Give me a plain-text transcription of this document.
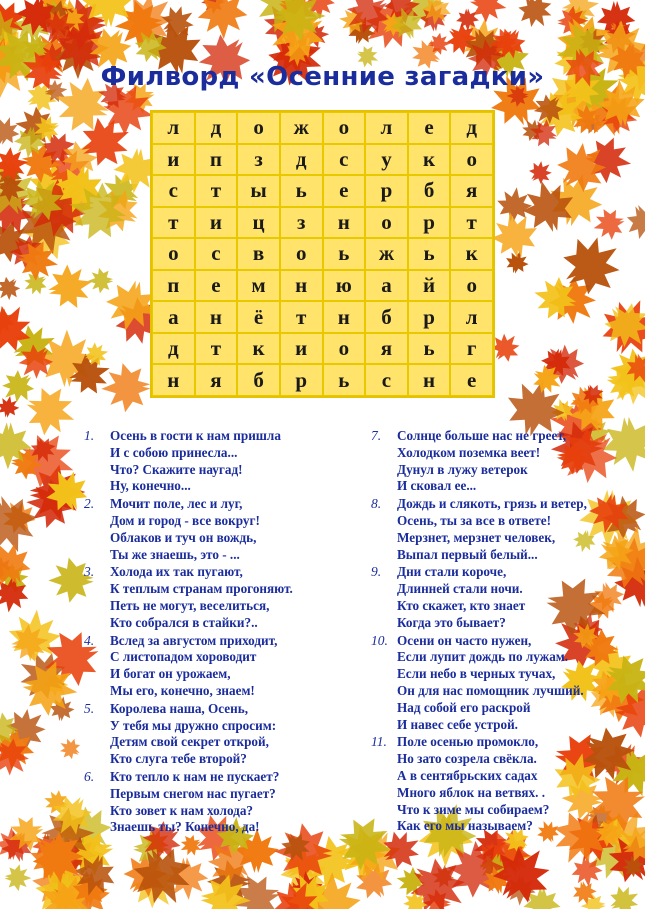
Филворд «Осенние загадки»
л	д	о	ж	о	л	е	д
и	п	з	д	с	у	к	о
с	т	ы	ь	е	р	б	я
т	и	ц	з	н	о	р	т
о	с	в	о	ь	ж	ь	к
п	е	м	н	ю	а	й	о
а	н	ё	т	н	б	р	л
д	т	к	и	о	я	ь	г
н	я	б	р	ь	с	н	е
1. Осень в гости к нам пришла
И с собою принесла...
Что? Скажите наугад!
Ну, конечно...
2. Мочит поле, лес и луг,
Дом и город - все вокруг!
Облаков и туч он вождь,
Ты же знаешь, это - ...
3. Холода их так пугают,
К теплым странам прогоняют.
Петь не могут, веселиться,
Кто собрался в стайки?..
4. Вслед за августом приходит,
С листопадом хороводит
И богат он урожаем,
Мы его, конечно, знаем!
5. Королева наша, Осень,
У тебя мы дружно спросим:
Детям свой секрет открой,
Кто слуга тебе второй?
6. Кто тепло к нам не пускает?
Первым снегом нас пугает?
Кто зовет к нам холода?
Знаешь ты? Конечно, да!
7. Солнце больше нас не греет,
Холодком поземка веет!
Дунул в лужу ветерок
И сковал ее...
8. Дождь и слякоть, грязь и ветер,
Осень, ты за все в ответе!
Мерзнет, мерзнет человек,
Выпал первый белый...
9. Дни стали короче,
Длинней стали ночи.
Кто скажет, кто знает
Когда это бывает?
10. Осени он часто нужен,
Если лупит дождь по лужам.
Если небо в черных тучах,
Он для нас помощник лучший.
Над собой его раскрой
И навес себе устрой.
11. Поле осенью промокло,
Но зато созрела свёкла.
А в сентябрьских садах
Много яблок на ветвях. .
Что к зиме мы собираем?
Как его мы называем?
